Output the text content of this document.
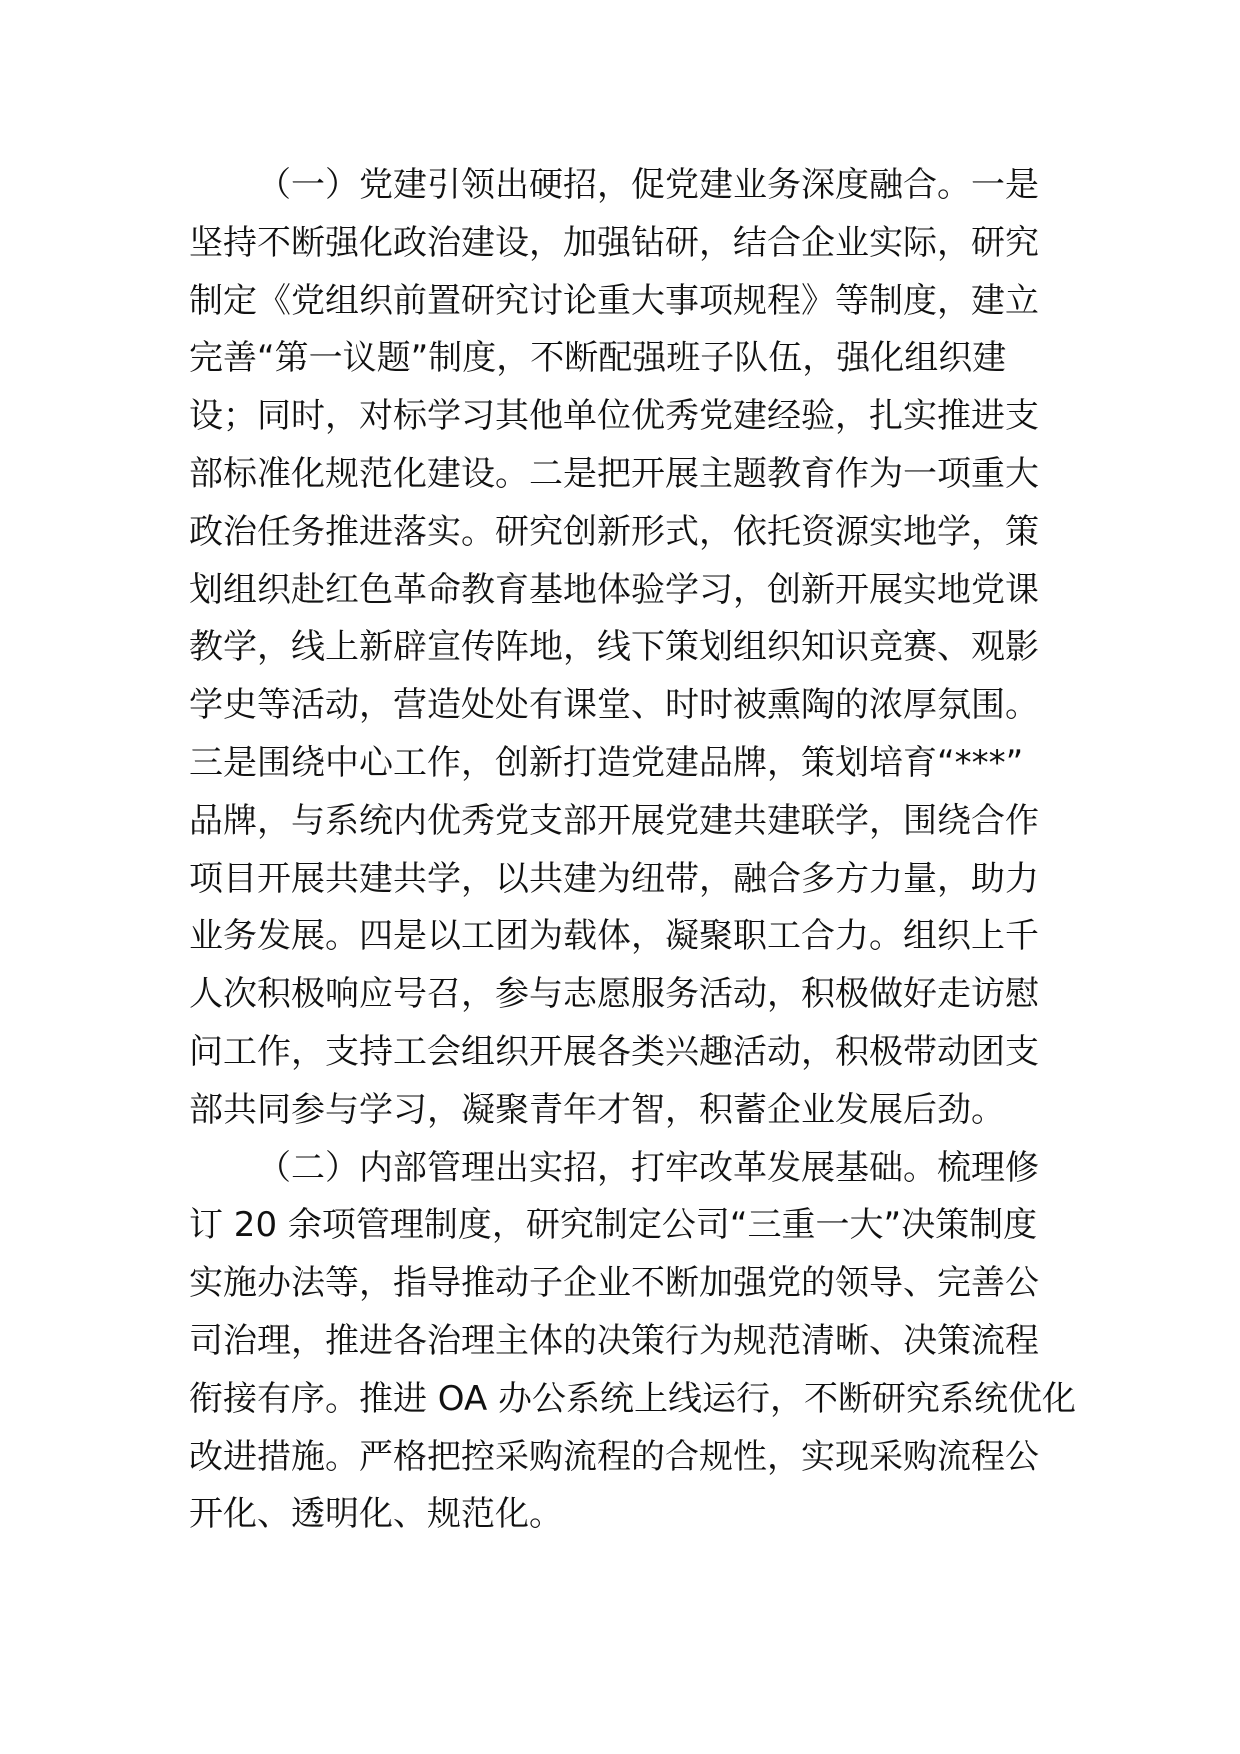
（一）党建引领出硬招，促党建业务深度融合。一是
坚持不断强化政治建设，加强钻研，结合企业实际，研究
制定《党组织前置研究讨论重大事项规程》等制度，建立
完善“第一议题”制度，不断配强班子队伍，强化组织建
设；同时，对标学习其他单位优秀党建经验，扎实推进支
部标准化规范化建设。二是把开展主题教育作为一项重大
政治任务推进落实。研究创新形式，依托资源实地学，策
划组织赴红色革命教育基地体验学习，创新开展实地党课
教学，线上新辟宣传阵地，线下策划组织知识竞赛、观影
学史等活动，营造处处有课堂、时时被熏陶的浓厚氛围。
三是围绕中心工作，创新打造党建品牌，策划培育“***”
品牌，与系统内优秀党支部开展党建共建联学，围绕合作
项目开展共建共学，以共建为纽带，融合多方力量，助力
业务发展。四是以工团为载体，凝聚职工合力。组织上千
人次积极响应号召，参与志愿服务活动，积极做好走访慰
问工作，支持工会组织开展各类兴趣活动，积极带动团支
部共同参与学习，凝聚青年才智，积蓄企业发展后劲。
（二）内部管理出实招，打牢改革发展基础。梳理修
订 20 余项管理制度，研究制定公司“三重一大”决策制度
实施办法等，指导推动子企业不断加强党的领导、完善公
司治理，推进各治理主体的决策行为规范清晰、决策流程
衔接有序。推进 OA 办公系统上线运行，不断研究系统优化
改进措施。严格把控采购流程的合规性，实现采购流程公
开化、透明化、规范化。
